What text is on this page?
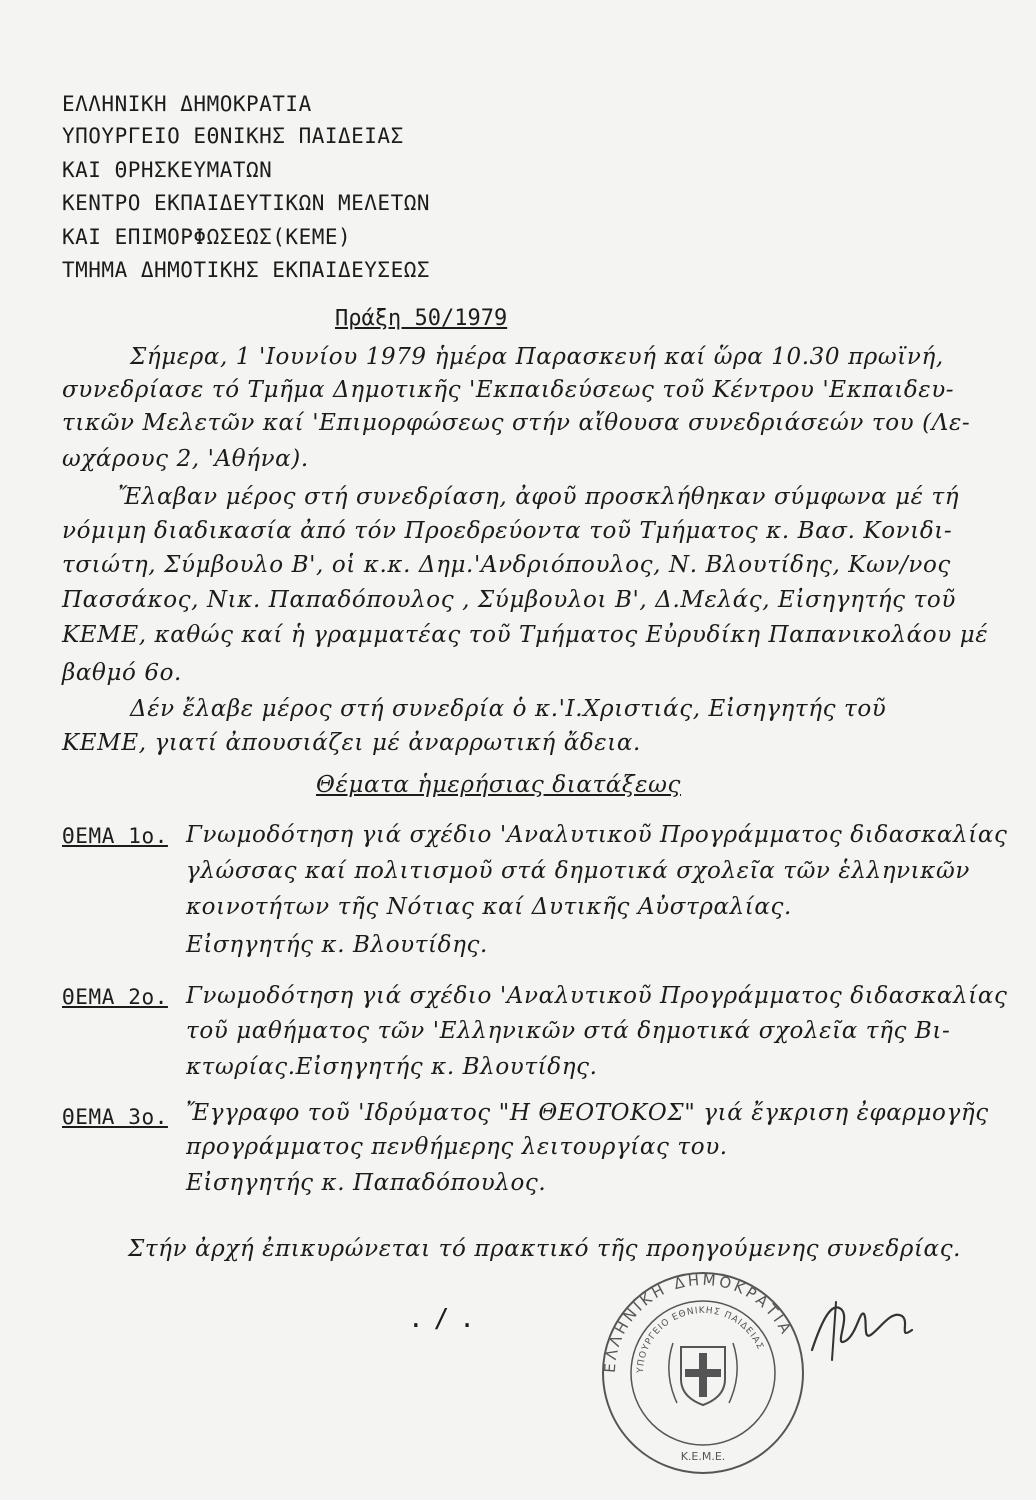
ΕΛΛΗΝΙΚΗ ΔΗΜΟΚΡΑΤΙΑ
ΥΠΟΥΡΓΕΙΟ ΕΘΝΙΚΗΣ ΠΑΙΔΕΙΑΣ
ΚΑΙ ΘΡΗΣΚΕΥΜΑΤΩΝ
ΚΕΝΤΡΟ ΕΚΠΑΙΔΕΥΤΙΚΩΝ ΜΕΛΕΤΩΝ
ΚΑΙ ΕΠΙΜΟΡΦΩΣΕΩΣ(ΚΕΜΕ)
ΤΜΗΜΑ ΔΗΜΟΤΙΚΗΣ ΕΚΠΑΙΔΕΥΣΕΩΣ
Πράξη 50/1979
Σήμερα, 1 'Ιουνίου 1979 ἡμέρα Παρασκευή καί ὥρα 10.30 πρωϊνή,
συνεδρίασε τό Τμῆμα Δημοτικῆς 'Εκπαιδεύσεως τοῦ Κέντρου 'Εκπαιδευ-
τικῶν Μελετῶν καί 'Επιμορφώσεως στήν αἴθουσα συνεδριάσεών του (Λε-
ωχάρους 2, 'Αθήνα).
Ἔλαβαν μέρος στή συνεδρίαση, ἀφοῦ προσκλήθηκαν σύμφωνα μέ τή
νόμιμη διαδικασία ἀπό τόν Προεδρεύοντα τοῦ Τμήματος κ. Βασ. Κονιδι-
τσιώτη, Σύμβουλο Β', οἱ κ.κ. Δημ.'Ανδριόπουλος, Ν. Βλουτίδης, Κων/νος
Πασσάκος, Νικ. Παπαδόπουλος , Σύμβουλοι Β', Δ.Μελάς, Εἰσηγητής τοῦ
ΚΕΜΕ, καθώς καί ἡ γραμματέας τοῦ Τμήματος Εὐρυδίκη Παπανικολάου μέ
βαθμό 6ο.
Δέν ἔλαβε μέρος στή συνεδρία ὁ κ.'Ι.Χριστιάς, Εἰσηγητής τοῦ
ΚΕΜΕ, γιατί ἀπουσιάζει μέ ἀναρρωτική ἄδεια.
Θέματα ἡμερήσιας διατάξεως
ΘΕΜΑ 1ο. Γνωμοδότηση γιά σχέδιο 'Αναλυτικοῦ Προγράμματος διδασκαλίας
γλώσσας καί πολιτισμοῦ στά δημοτικά σχολεῖα τῶν ἑλληνικῶν
κοινοτήτων τῆς Νότιας καί Δυτικῆς Αὐστραλίας.
Εἰσηγητής κ. Βλουτίδης.
ΘΕΜΑ 2ο. Γνωμοδότηση γιά σχέδιο 'Αναλυτικοῦ Προγράμματος διδασκαλίας
τοῦ μαθήματος τῶν 'Ελληνικῶν στά δημοτικά σχολεῖα τῆς Βι-
κτωρίας.Εἰσηγητής κ. Βλουτίδης.
ΘΕΜΑ 3ο. Ἔγγραφο τοῦ 'Ιδρύματος "Η ΘΕΟΤΟΚΟΣ" γιά ἔγκριση ἐφαρμογῆς
προγράμματος πενθήμερης λειτουργίας του.
Εἰσηγητής κ. Παπαδόπουλος.
Στήν ἀρχή ἐπικυρώνεται τό πρακτικό τῆς προηγούμενης συνεδρίας.
./.
ΕΛΛΗΝΙΚΗ ΔΗΜΟΚΡΑΤΙΑ
ΥΠΟΥΡΓΕΙΟ ΕΘΝΙΚΗΣ ΠΑΙΔΕΙΑΣ
Κ.Ε.Μ.Ε.
